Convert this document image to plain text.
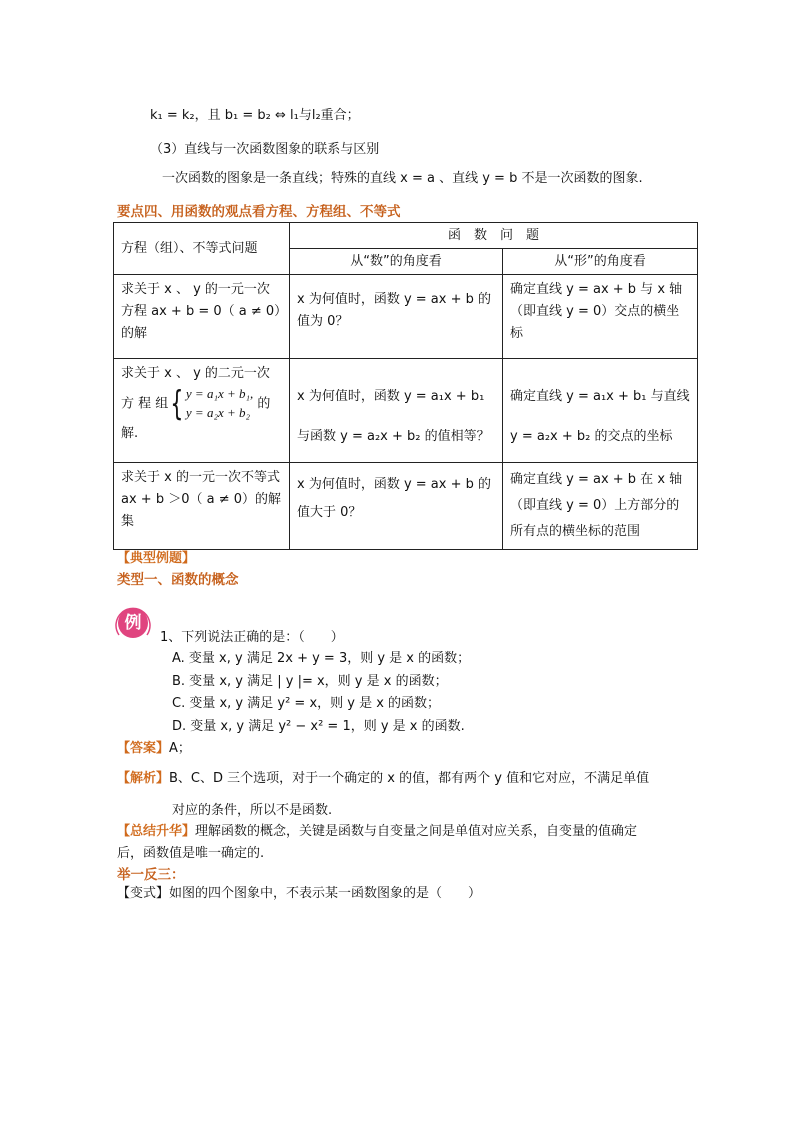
k₁ = k₂，且 b₁ = b₂ ⇔ l₁与l₂重合；
（3）直线与一次函数图象的联系与区别
一次函数的图象是一条直线；特殊的直线 x = a 、直线 y = b 不是一次函数的图象.
要点四、用函数的观点看方程、方程组、不等式
方程（组）、不等式问题	函　数　问　题	
	从“数”的角度看	从“形”的角度看
求关于 x 、 y 的一元一次方程 ax + b = 0（ a ≠ 0）的解	x 为何值时，函数 y = ax + b 的值为 0？	确定直线 y = ax + b 与 x 轴（即直线 y = 0）交点的横坐标
求关于 x 、 y 的二元一次方 程 组{ y = a₁x + b₁,
y = a₂x + b₂ 的解.	x 为何值时，函数 y = a₁x + b₁ 与函数 y = a₂x + b₂ 的值相等？	确定直线 y = a₁x + b₁ 与直线 y = a₂x + b₂ 的交点的坐标
求关于 x 的一元一次不等式 ax + b ＞0（ a ≠ 0）的解集	x 为何值时，函数 y = ax + b 的值大于 0？	确定直线 y = ax + b 在 x 轴（即直线 y = 0）上方部分的所有点的横坐标的范围
【典型例题】
类型一、函数的概念
例
1、下列说法正确的是：（　　）
A. 变量 x, y 满足 2x + y = 3，则 y 是 x 的函数；
B. 变量 x, y 满足 | y |= x，则 y 是 x 的函数；
C. 变量 x, y 满足 y² = x，则 y 是 x 的函数；
D. 变量 x, y 满足 y² − x² = 1，则 y 是 x 的函数.
【答案】A；
【解析】B、C、D 三个选项，对于一个确定的 x 的值，都有两个 y 值和它对应，不满足单值
对应的条件，所以不是函数.
【总结升华】理解函数的概念，关键是函数与自变量之间是单值对应关系，自变量的值确定
后，函数值是唯一确定的.
举一反三：
【变式】如图的四个图象中，不表示某一函数图象的是（　　）
